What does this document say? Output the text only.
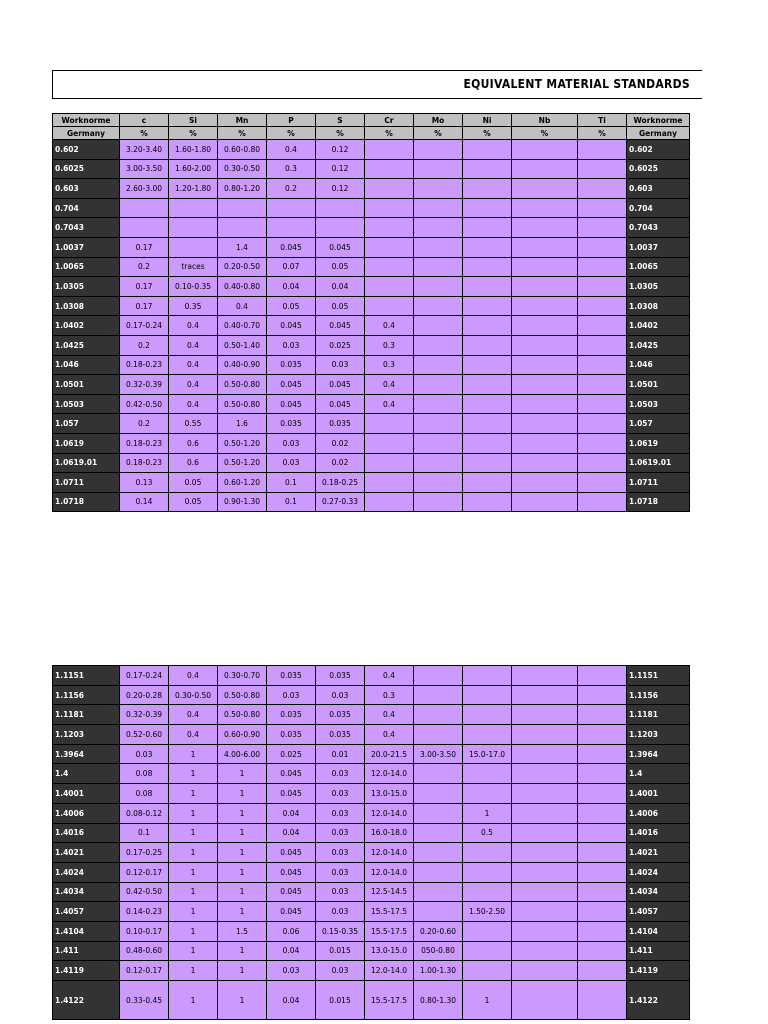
EQUIVALENT MATERIAL STANDARDS
Worknorme	c	Si	Mn	P	S	Cr	Mo	Ni	Nb	Ti	Worknorme
Germany	%	%	%	%	%	%	%	%	%	%	Germany
0.602	3.20-3.40	1.60-1.80	0.60-0.80	0.4	0.12						0.602
0.6025	3.00-3.50	1.60-2.00	0.30-0.50	0.3	0.12						0.6025
0.603	2.60-3.00	1.20-1.80	0.80-1.20	0.2	0.12						0.603
0.704											0.704
0.7043											0.7043
1.0037	0.17		1.4	0.045	0.045						1.0037
1.0065	0.2	traces	0.20-0.50	0.07	0.05						1.0065
1.0305	0.17	0.10-0.35	0.40-0.80	0.04	0.04						1.0305
1.0308	0.17	0.35	0.4	0.05	0.05						1.0308
1.0402	0.17-0.24	0.4	0.40-0.70	0.045	0.045	0.4					1.0402
1.0425	0.2	0.4	0.50-1.40	0.03	0.025	0.3					1.0425
1.046	0.18-0.23	0.4	0.40-0.90	0.035	0.03	0.3					1.046
1.0501	0.32-0.39	0.4	0.50-0.80	0.045	0.045	0.4					1.0501
1.0503	0.42-0.50	0.4	0.50-0.80	0.045	0.045	0.4					1.0503
1.057	0.2	0.55	1.6	0.035	0.035						1.057
1.0619	0.18-0.23	0.6	0.50-1.20	0.03	0.02						1.0619
1.0619.01	0.18-0.23	0.6	0.50-1.20	0.03	0.02						1.0619.01
1.0711	0.13	0.05	0.60-1.20	0.1	0.18-0.25						1.0711
1.0718	0.14	0.05	0.90-1.30	0.1	0.27-0.33						1.0718
1.1151	0.17-0.24	0.4	0.30-0.70	0.035	0.035	0.4					1.1151
1.1156	0.20-0.28	0.30-0.50	0.50-0.80	0.03	0.03	0.3					1.1156
1.1181	0.32-0.39	0.4	0.50-0.80	0.035	0.035	0.4					1.1181
1.1203	0.52-0.60	0.4	0.60-0.90	0.035	0.035	0.4					1.1203
1.3964	0.03	1	4.00-6.00	0.025	0.01	20.0-21.5	3.00-3.50	15.0-17.0			1.3964
1.4	0.08	1	1	0.045	0.03	12.0-14.0					1.4
1.4001	0.08	1	1	0.045	0.03	13.0-15.0					1.4001
1.4006	0.08-0.12	1	1	0.04	0.03	12.0-14.0		1			1.4006
1.4016	0.1	1	1	0.04	0.03	16.0-18.0		0.5			1.4016
1.4021	0.17-0.25	1	1	0.045	0.03	12.0-14.0					1.4021
1.4024	0.12-0.17	1	1	0.045	0.03	12.0-14.0					1.4024
1.4034	0.42-0.50	1	1	0.045	0.03	12.5-14.5					1.4034
1.4057	0.14-0.23	1	1	0.045	0.03	15.5-17.5		1.50-2.50			1.4057
1.4104	0.10-0.17	1	1.5	0.06	0.15-0.35	15.5-17.5	0.20-0.60				1.4104
1.411	0.48-0.60	1	1	0.04	0.015	13.0-15.0	050-0.80				1.411
1.4119	0.12-0.17	1	1	0.03	0.03	12.0-14.0	1.00-1.30				1.4119
1.4122	0.33-0.45	1	1	0.04	0.015	15.5-17.5	0.80-1.30	1			1.4122
